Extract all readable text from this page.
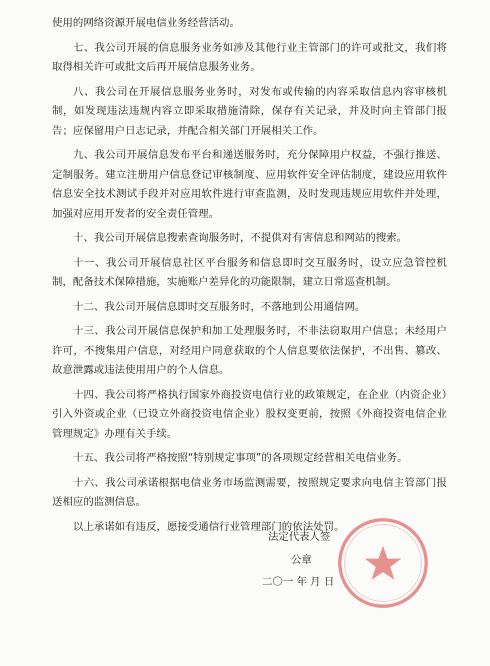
使用的网络资源开展电信业务经营活动。

七、我公司开展的信息服务业务如涉及其他行业主管部门的许可或批文，我们将取得相关许可或批文后再开展信息服务业务。

八、我公司在开展信息服务业务时，对发布或传输的内容采取信息内容审核机制，如发现违法违规内容立即采取措施清除，保存有关记录，并及时向主管部门报告；应保留用户日志记录，并配合相关部门开展相关工作。

九、我公司开展信息发布平台和递送服务时，充分保障用户权益，不强行推送、定制服务。建立注册用户信息登记审核制度、应用软件安全评估制度，建设应用软件信息安全技术测试手段并对应用软件进行审查监测，及时发现违规应用软件并处理，加强对应用开发者的安全责任管理。

十、我公司开展信息搜索查询服务时，不提供对有害信息和网站的搜索。

十一、我公司开展信息社区平台服务和信息即时交互服务时，设立应急管控机制，配备技术保障措施，实施账户差异化的功能限制，建立日常巡查机制。

十二、我公司开展信息即时交互服务时，不落地到公用通信网。

十三、我公司开展信息保护和加工处理服务时，不非法窃取用户信息；未经用户许可，不搜集用户信息，对经用户同意获取的个人信息要依法保护，不出售、篡改、故意泄露或违法使用用户的个人信息。

十四、我公司将严格执行国家外商投资电信行业的政策规定，在企业（内资企业）引入外资或企业（已设立外商投资电信企业）股权变更前，按照《外商投资电信企业管理规定》办理有关手续。

十五、我公司将严格按照“特别规定事项”的各项规定经营相关电信业务。

十六、我公司承诺根据电信业务市场监测需要，按照规定要求向电信主管部门报送相应的监测信息。

以上承诺如有违反，愿接受通信行业管理部门的依法处罚。

法定代表人签
公章
二〇一 年 月 日
